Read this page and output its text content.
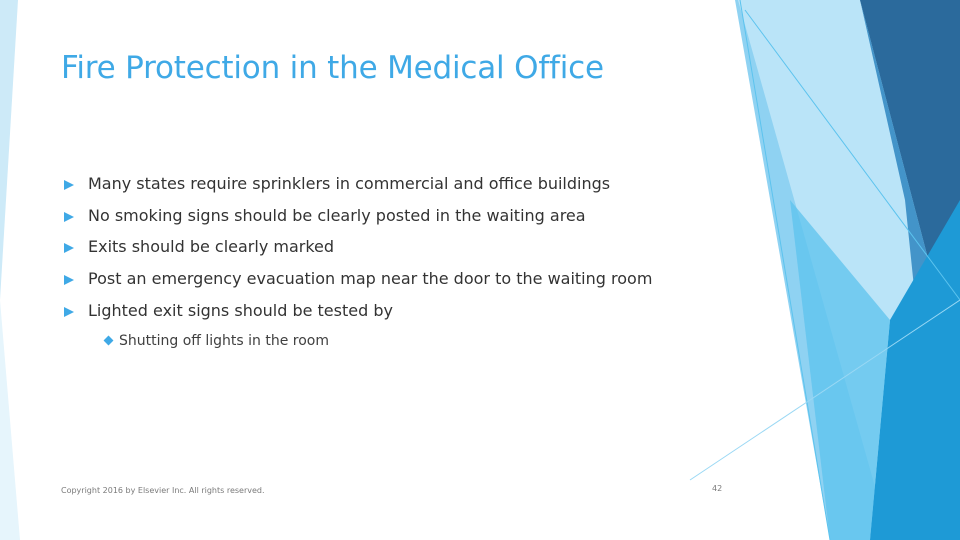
Fire Protection in the Medical Office
Many states require sprinklers in commercial and office buildings
No smoking signs should be clearly posted in the waiting area
Exits should be clearly marked
Post an emergency evacuation map near the door to the waiting room
Lighted exit signs should be tested by
Shutting off lights in the room
Copyright 2016 by Elsevier Inc. All rights reserved.	42
